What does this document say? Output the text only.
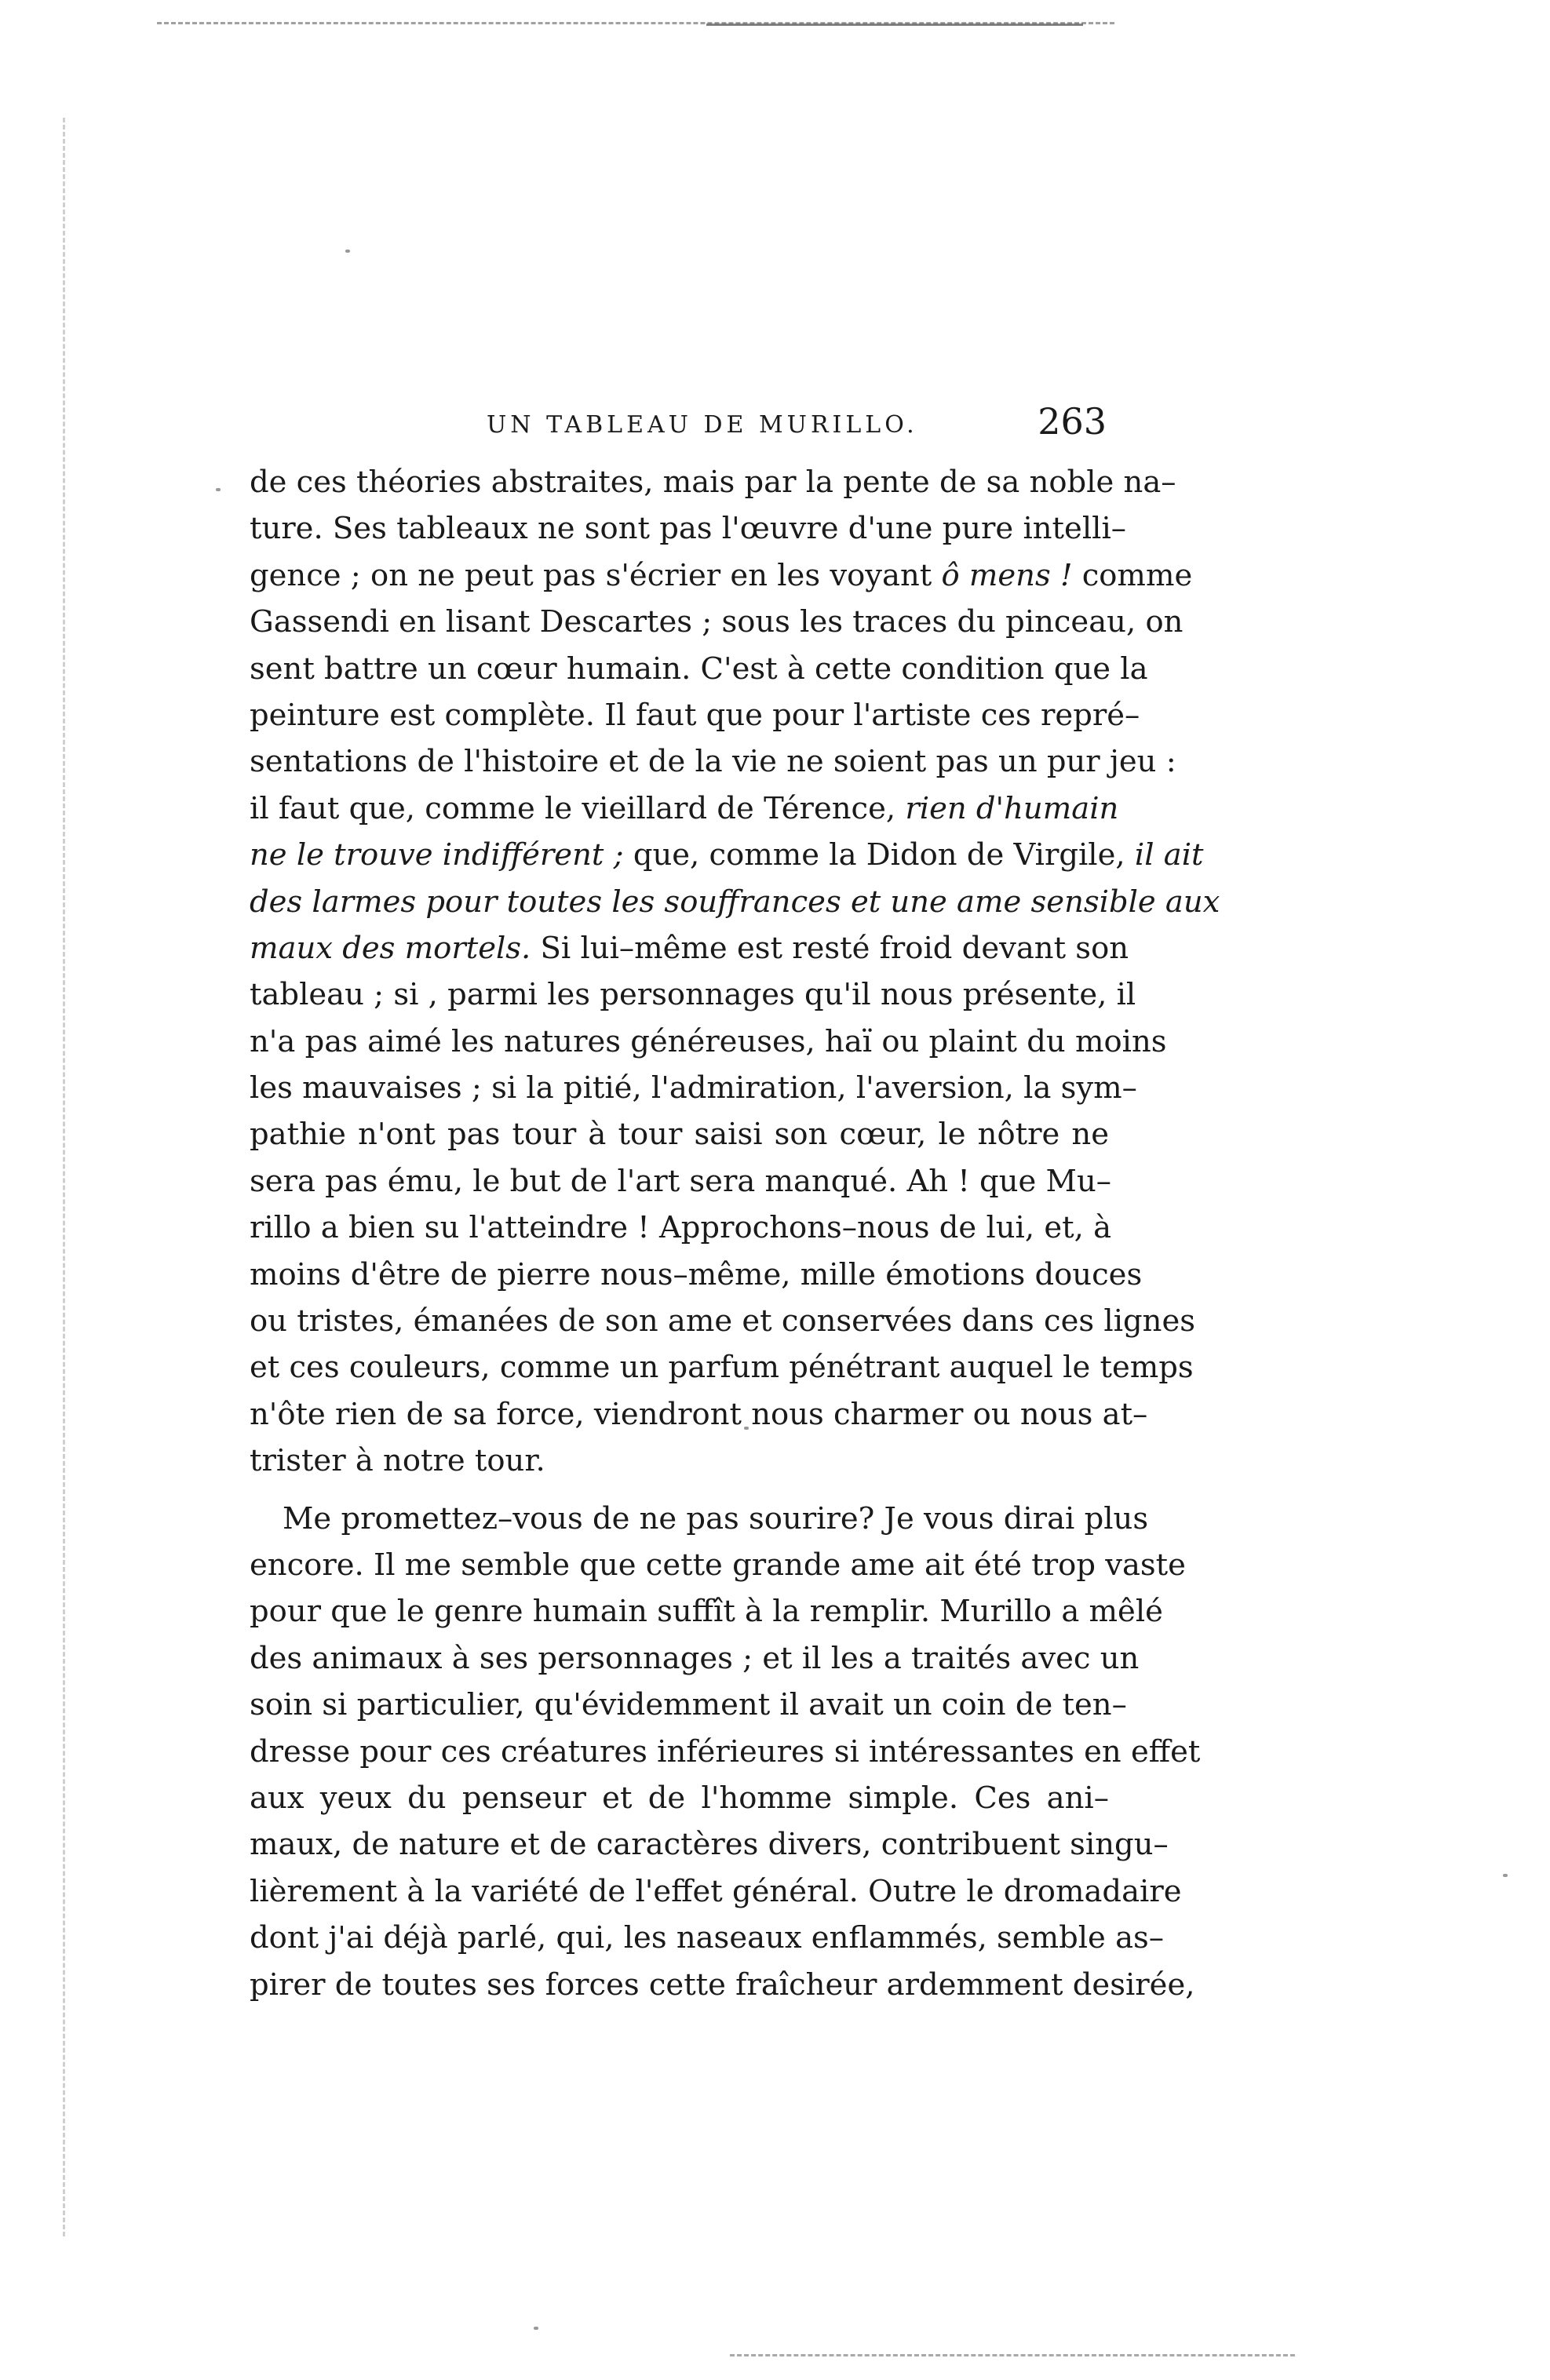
UN TABLEAU DE MURILLO.	263

de ces théories abstraites, mais par la pente de sa noble na–
ture. Ses tableaux ne sont pas l'œuvre d'une pure intelli–
gence ; on ne peut pas s'écrier en les voyant ô mens ! comme
Gassendi en lisant Descartes ; sous les traces du pinceau, on
sent battre un cœur humain. C'est à cette condition que la
peinture est complète. Il faut que pour l'artiste ces repré–
sentations de l'histoire et de la vie ne soient pas un pur jeu :
il faut que, comme le vieillard de Térence, rien d'humain
ne le trouve indifférent ; que, comme la Didon de Virgile, il ait
des larmes pour toutes les souffrances et une ame sensible aux
maux des mortels. Si lui–même est resté froid devant son
tableau ; si , parmi les personnages qu'il nous présente, il
n'a pas aimé les natures généreuses, haï ou plaint du moins
les mauvaises ; si la pitié, l'admiration, l'aversion, la sym–
pathie n'ont pas tour à tour saisi son cœur, le nôtre ne
sera pas ému, le but de l'art sera manqué. Ah ! que Mu–
rillo a bien su l'atteindre ! Approchons–nous de lui, et, à
moins d'être de pierre nous–même, mille émotions douces
ou tristes, émanées de son ame et conservées dans ces lignes
et ces couleurs, comme un parfum pénétrant auquel le temps
n'ôte rien de sa force, viendront nous charmer ou nous at–
trister à notre tour.

Me promettez–vous de ne pas sourire? Je vous dirai plus
encore. Il me semble que cette grande ame ait été trop vaste
pour que le genre humain suffît à la remplir. Murillo a mêlé
des animaux à ses personnages ; et il les a traités avec un
soin si particulier, qu'évidemment il avait un coin de ten–
dresse pour ces créatures inférieures si intéressantes en effet
aux yeux du penseur et de l'homme simple. Ces ani–
maux, de nature et de caractères divers, contribuent singu–
lièrement à la variété de l'effet général. Outre le dromadaire
dont j'ai déjà parlé, qui, les naseaux enflammés, semble as–
pirer de toutes ses forces cette fraîcheur ardemment desirée,
